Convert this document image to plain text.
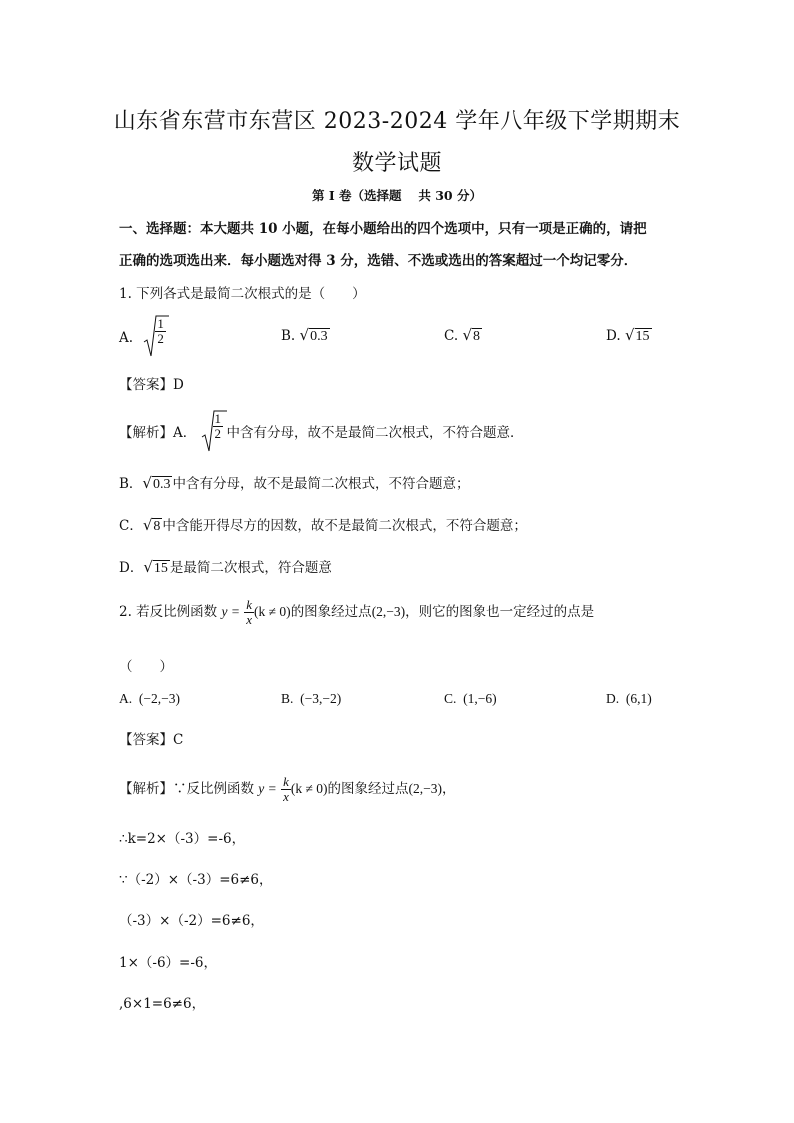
山东省东营市东营区 2023-2024 学年八年级下学期期末
数学试题
第 I 卷（选择题　 共 30 分）
一、选择题：本大题共 10 小题，在每小题给出的四个选项中，只有一项是正确的，请把
正确的选项选出来．每小题选对得 3 分，选错、不选或选出的答案超过一个均记零分．
1. 下列各式是最简二次根式的是（　　）
A. $\frac{1}{2}$	B. √0.3	C. √8	D. √15
【答案】D
【解析】A． $\frac{1}{2}$ 中含有分母，故不是最简二次根式，不符合题意．
B．√0.3 中含有分母，故不是最简二次根式，不符合题意；
C．√8 中含能开得尽方的因数，故不是最简二次根式，不符合题意；
D．√15 是最简二次根式，符合题意
2. 若反比例函数 $y = \frac{k}{x} (k \ne 0)$的图象经过点(2,−3)，则它的图象也一定经过的点是
（　　）
A. (−2,−3)	B. (−3,−2)	C. (1,−6)	D. (6,1)
【答案】C
【解析】∵反比例函数 $y = \frac{k}{x} (k \ne 0)$的图象经过点(2,−3)，
∴k=2×（-3）=-6，
∵（-2）×（-3）=6≠6，
（-3）×（-2）=6≠6，
1×（-6）=-6，
,6×1=6≠6，
